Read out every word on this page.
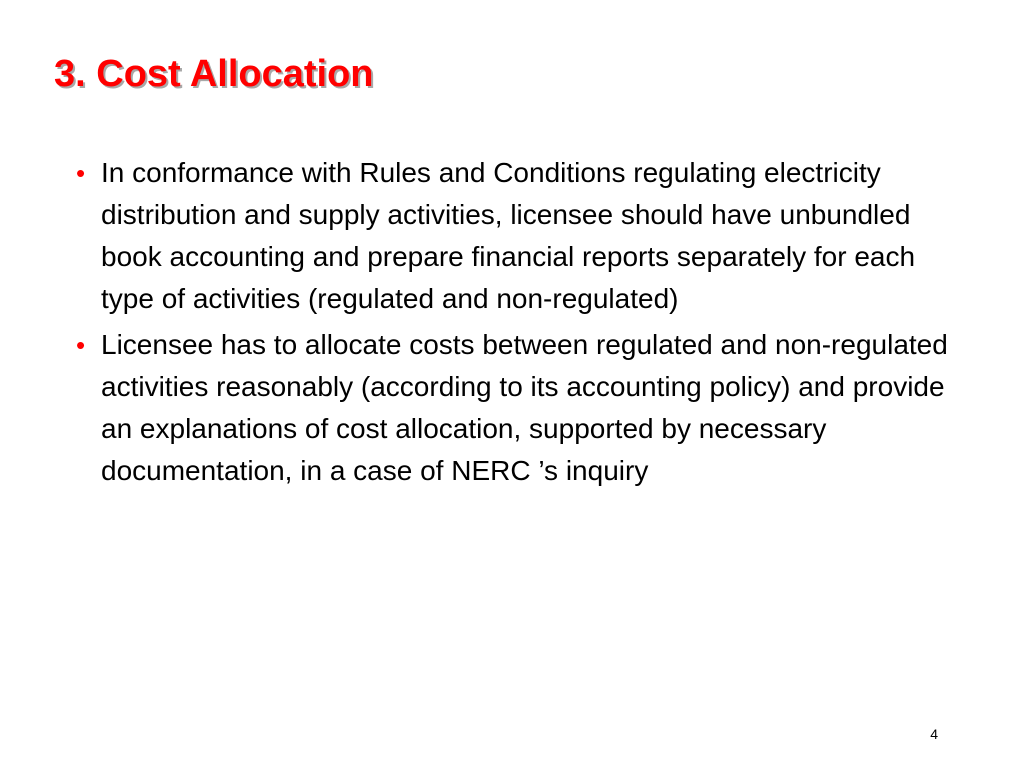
3. Cost Allocation
• In conformance with Rules and Conditions regulating electricity distribution and supply activities, licensee should have unbundled book accounting and prepare financial reports separately for each type of activities (regulated and non-regulated)
• Licensee has to allocate costs between regulated and non-regulated activities reasonably (according to its accounting policy) and provide an explanations of cost allocation, supported by necessary documentation, in a case of NERC ’s inquiry
4
